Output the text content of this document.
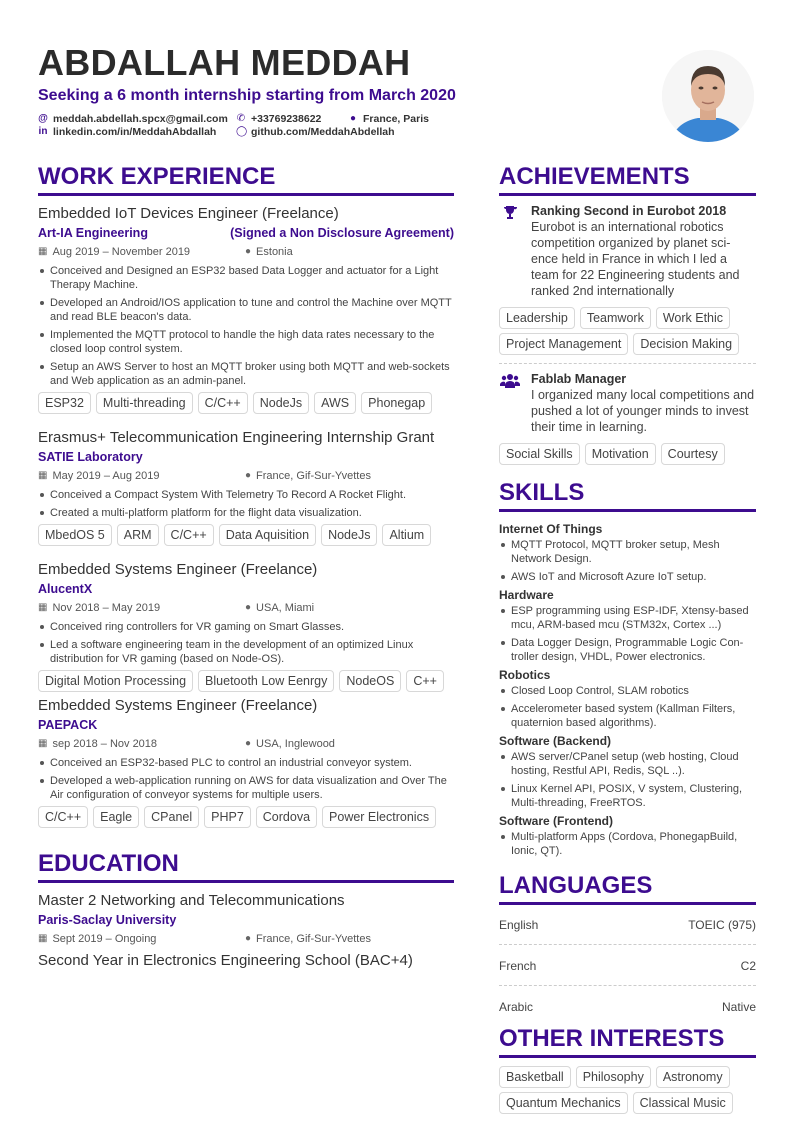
ABDALLAH MEDDAH
Seeking a 6 month internship starting from March 2020
@ meddah.abdellah.spcx@gmail.com ✆ +33769238622	● France, Paris
in linkedin.com/in/MeddahAbdallah ◯ github.com/MeddahAbdellah
WORK EXPERIENCE
Embedded IoT Devices Engineer (Freelance)
Art-IA Engineering	(Signed a Non Disclosure Agreement)
▦ Aug 2019 – November 2019	● Estonia
Conceived and Designed an ESP32 based Data Logger and actuator for a Light Therapy Machine.
Developed an Android/IOS application to tune and control the Machine over MQTT and read BLE beacon's data.
Implemented the MQTT protocol to handle the high data rates necessary to the closed loop control system.
Setup an AWS Server to host an MQTT broker using both MQTT and web-sockets and Web application as an admin-panel.
ESP32	Multi-threading	C/C++	NodeJs	AWS	Phonegap
Erasmus+ Telecommunication Engineering Internship Grant
SATIE Laboratory
▦ May 2019 – Aug 2019	● France, Gif-Sur-Yvettes
Conceived a Compact System With Telemetry To Record A Rocket Flight.
Created a multi-platform platform for the flight data visualization.
MbedOS 5	ARM	C/C++	Data Aquisition	NodeJs	Altium
Embedded Systems Engineer (Freelance)
AlucentX
▦ Nov 2018 – May 2019	● USA, Miami
Conceived ring controllers for VR gaming on Smart Glasses.
Led a software engineering team in the development of an optimized Linux distribution for VR gaming (based on Node-OS).
Digital Motion Processing	Bluetooth Low Eenrgy	NodeOS	C++
Embedded Systems Engineer (Freelance)
PAEPACK
▦ sep 2018 – Nov 2018	● USA, Inglewood
Conceived an ESP32-based PLC to control an industrial conveyor system.
Developed a web-application running on AWS for data visualization and Over The Air configuration of conveyor systems for multiple users.
C/C++	Eagle	CPanel	PHP7	Cordova	Power Electronics
EDUCATION
Master 2 Networking and Telecommunications
Paris-Saclay University
▦ Sept 2019 – Ongoing	● France, Gif-Sur-Yvettes
Second Year in Electronics Engineering School (BAC+4)
ACHIEVEMENTS
Ranking Second in Eurobot 2018
Eurobot is an international robotics competition organized by planet sci-ence held in France in which I led a team for 22 Engineering students and ranked 2nd internationally
Leadership	Teamwork	Work Ethic
Project Management	Decision Making
Fablab Manager
I organized many local competitions and pushed a lot of younger minds to invest their time in learning.
Social Skills	Motivation	Courtesy
SKILLS
Internet Of Things
MQTT Protocol, MQTT broker setup, Mesh Network Design.
AWS IoT and Microsoft Azure IoT setup.
Hardware
ESP programming using ESP-IDF, Xtensy-based mcu, ARM-based mcu (STM32x, Cortex ...)
Data Logger Design, Programmable Logic Con-troller design, VHDL, Power electronics.
Robotics
Closed Loop Control, SLAM robotics
Accelerometer based system (Kallman Filters, quaternion based algorithms).
Software (Backend)
AWS server/CPanel setup (web hosting, Cloud hosting, Restful API, Redis, SQL ..).
Linux Kernel API, POSIX, V system, Clustering, Multi-threading, FreeRTOS.
Software (Frontend)
Multi-platform Apps (Cordova, PhonegapBuild, Ionic, QT).
LANGUAGES
English	TOEIC (975)
French	C2
Arabic	Native
OTHER INTERESTS
Basketball	Philosophy	Astronomy
Quantum Mechanics	Classical Music
